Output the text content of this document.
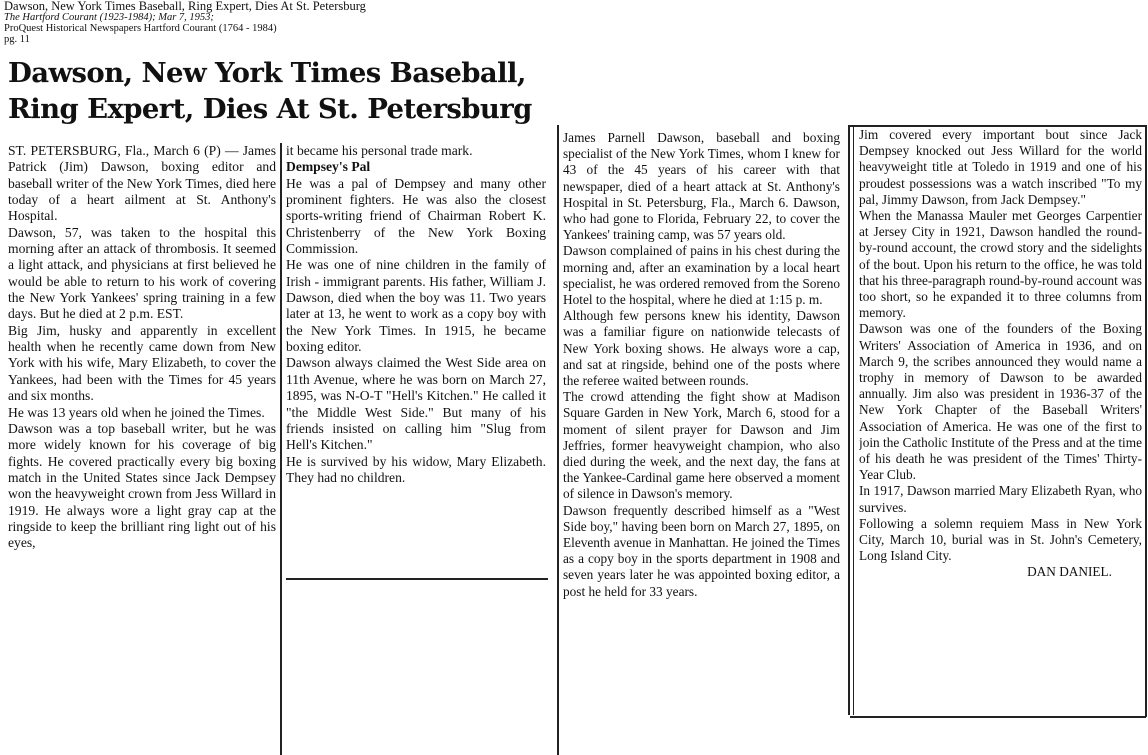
Dawson, New York Times Baseball, Ring Expert, Dies At St. Petersburg
The Hartford Courant (1923-1984); Mar 7, 1953;
ProQuest Historical Newspapers Hartford Courant (1764 - 1984)
pg. 11
Dawson, New York Times Baseball,
Ring Expert, Dies At St. Petersburg
ST. PETERSBURG, Fla., March 6 (P) — James Patrick (Jim) Dawson, boxing editor and baseball writer of the New York Times, died here today of a heart ailment at St. Anthony's Hospital.
Dawson, 57, was taken to the hospital this morning after an attack of thrombosis. It seemed a light attack, and physicians at first believed he would be able to return to his work of covering the New York Yankees' spring training in a few days. But he died at 2 p.m. EST.
Big Jim, husky and apparently in excellent health when he recently came down from New York with his wife, Mary Elizabeth, to cover the Yankees, had been with the Times for 45 years and six months.
He was 13 years old when he joined the Times.
Dawson was a top baseball writer, but he was more widely known for his coverage of big fights. He covered practically every big boxing match in the United States since Jack Dempsey won the heavyweight crown from Jess Willard in 1919. He always wore a light gray cap at the ringside to keep the brilliant ring light out of his eyes,
it became his personal trade mark.
Dempsey's Pal
He was a pal of Dempsey and many other prominent fighters. He was also the closest sports-writing friend of Chairman Robert K. Christenberry of the New York Boxing Commission.
He was one of nine children in the family of Irish - immigrant parents. His father, William J. Dawson, died when the boy was 11. Two years later at 13, he went to work as a copy boy with the New York Times. In 1915, he became boxing editor.
Dawson always claimed the West Side area on 11th Avenue, where he was born on March 27, 1895, was N-O-T "Hell's Kitchen." He called it "the Middle West Side." But many of his friends insisted on calling him "Slug from Hell's Kitchen."
He is survived by his widow, Mary Elizabeth. They had no children.
James Parnell Dawson, baseball and boxing specialist of the New York Times, whom I knew for 43 of the 45 years of his career with that newspaper, died of a heart attack at St. Anthony's Hospital in St. Petersburg, Fla., March 6. Dawson, who had gone to Florida, February 22, to cover the Yankees' training camp, was 57 years old.
Dawson complained of pains in his chest during the morning and, after an examination by a local heart specialist, he was ordered removed from the Soreno Hotel to the hospital, where he died at 1:15 p. m.
Although few persons knew his identity, Dawson was a familiar figure on nationwide telecasts of New York boxing shows. He always wore a cap, and sat at ringside, behind one of the posts where the referee waited between rounds.
The crowd attending the fight show at Madison Square Garden in New York, March 6, stood for a moment of silent prayer for Dawson and Jim Jeffries, former heavyweight champion, who also died during the week, and the next day, the fans at the Yankee-Cardinal game here observed a moment of silence in Dawson's memory.
Dawson frequently described himself as a "West Side boy," having been born on March 27, 1895, on Eleventh avenue in Manhattan. He joined the Times as a copy boy in the sports department in 1908 and seven years later he was appointed boxing editor, a post he held for 33 years.
Jim covered every important bout since Jack Dempsey knocked out Jess Willard for the world heavyweight title at Toledo in 1919 and one of his proudest possessions was a watch inscribed "To my pal, Jimmy Dawson, from Jack Dempsey."
When the Manassa Mauler met Georges Carpentier at Jersey City in 1921, Dawson handled the round-by-round account, the crowd story and the sidelights of the bout. Upon his return to the office, he was told that his three-paragraph round-by-round account was too short, so he expanded it to three columns from memory.
Dawson was one of the founders of the Boxing Writers' Association of America in 1936, and on March 9, the scribes announced they would name a trophy in memory of Dawson to be awarded annually. Jim also was president in 1936-37 of the New York Chapter of the Baseball Writers' Association of America. He was one of the first to join the Catholic Institute of the Press and at the time of his death he was president of the Times' Thirty-Year Club.
In 1917, Dawson married Mary Elizabeth Ryan, who survives.
Following a solemn requiem Mass in New York City, March 10, burial was in St. John's Cemetery, Long Island City.

DAN DANIEL.
